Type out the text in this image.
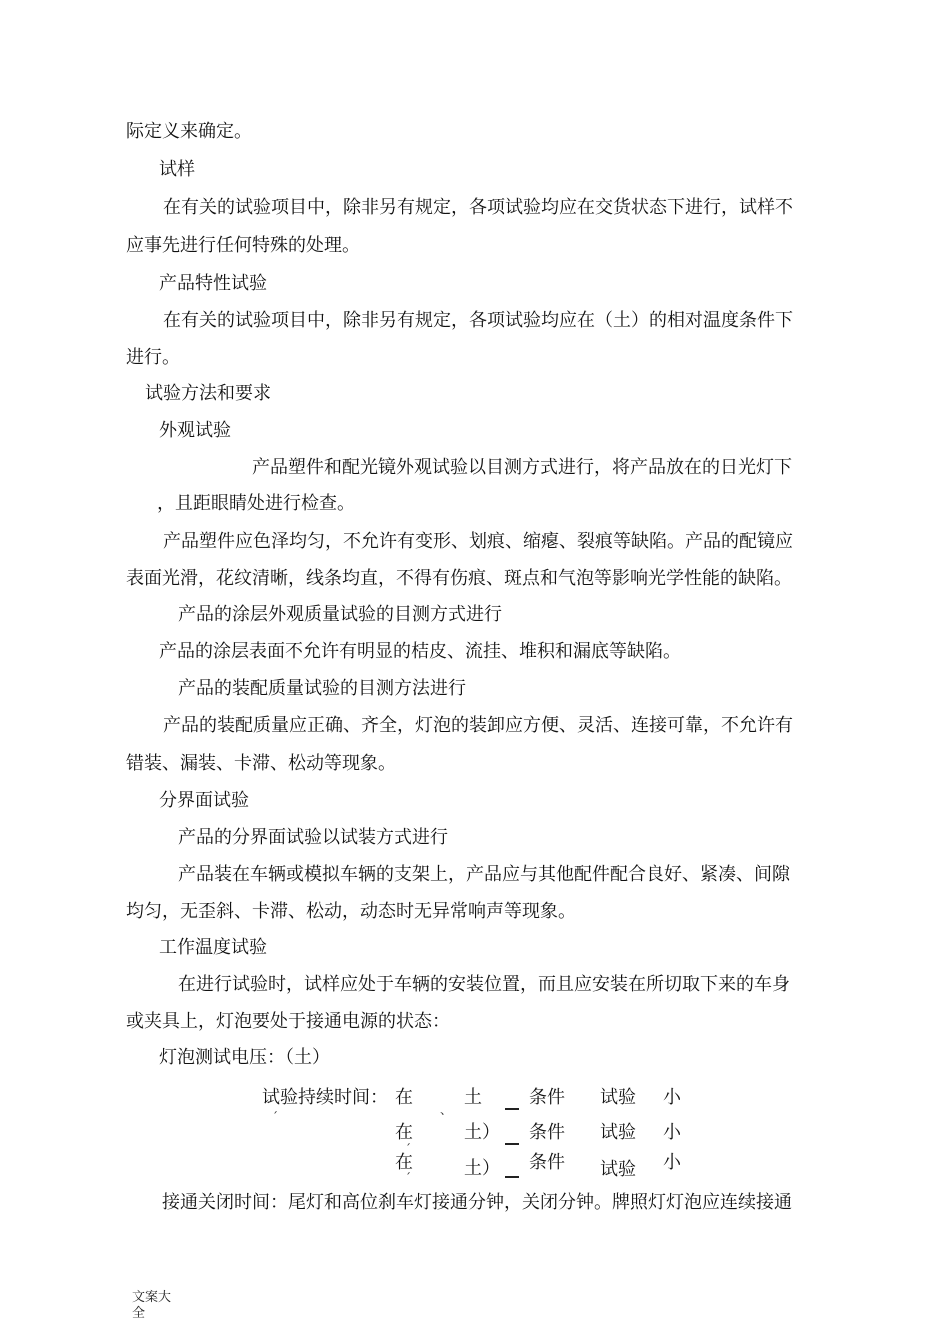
际定义来确定。

试样

在有关的试验项目中，除非另有规定，各项试验均应在交货状态下进行，试样不

应事先进行任何特殊的处理。

产品特性试验

在有关的试验项目中，除非另有规定，各项试验均应在（土）的相对温度条件下

进行。

试验方法和要求

外观试验

产品塑件和配光镜外观试验以目测方式进行，将产品放在的日光灯下

，且距眼睛处进行检查。

产品塑件应色泽均匀，不允许有变形、划痕、缩瘪、裂痕等缺陷。产品的配镜应

表面光滑，花纹清晰，线条均直，不得有伤痕、斑点和气泡等影响光学性能的缺陷。

产品的涂层外观质量试验的目测方式进行

产品的涂层表面不允许有明显的桔皮、流挂、堆积和漏底等缺陷。

产品的装配质量试验的目测方法进行

产品的装配质量应正确、齐全，灯泡的装卸应方便、灵活、连接可靠，不允许有

错装、漏装、卡滞、松动等现象。

分界面试验

产品的分界面试验以试装方式进行

产品装在车辆或模拟车辆的支架上，产品应与其他配件配合良好、紧凑、间隙

均匀，无歪斜、卡滞、松动，动态时无异常响声等现象。

工作温度试验

在进行试验时，试样应处于车辆的安装位置，而且应安装在所切取下来的车身

或夹具上，灯泡要处于接通电源的状态：

灯泡测试电压：（土）

试验持续时间：
ˊ
在
、
土	条件 试验 小
在
ˊ
土） 条件 试验 小
在
ˊ	土） 条件 试验 小

接通关闭时间：尾灯和高位刹车灯接通分钟，关闭分钟。牌照灯灯泡应连续接通

文案大全
